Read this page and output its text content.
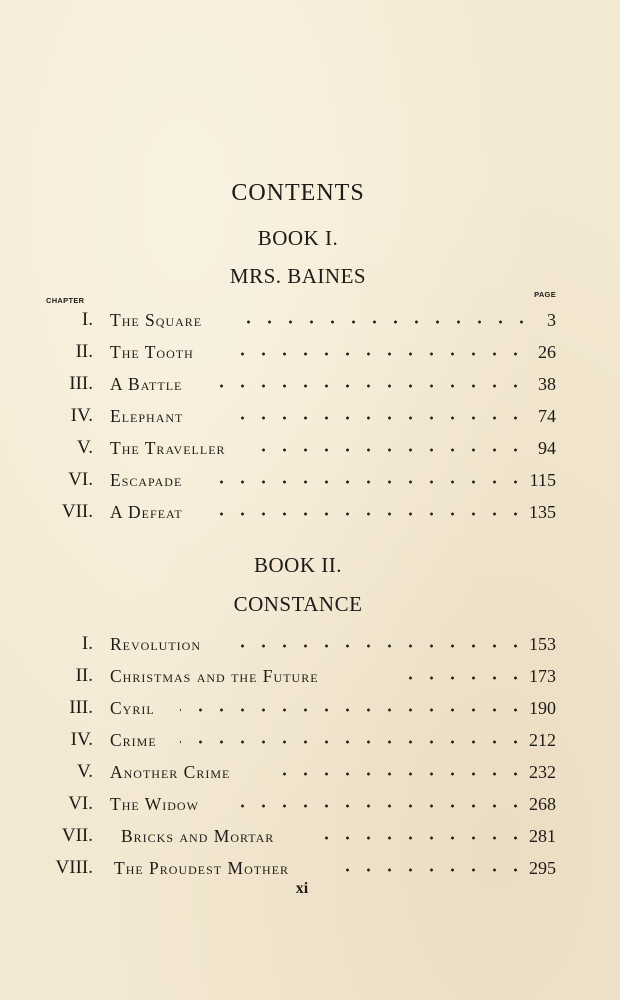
CONTENTS
BOOK I.
MRS. BAINES
CHAPTER
PAGE
I. The Square	3
II. The Tooth	26
III. A Battle	38
IV. Elephant	74
V. The Traveller	94
VI. Escapade	115
VII. A Defeat	135
BOOK II.
CONSTANCE
I. Revolution	153
II. Christmas and the Future	173
III. Cyril	190
IV. Crime	212
V. Another Crime	232
VI. The Widow	268
VII. Bricks and Mortar	281
VIII. The Proudest Mother	295
xi
